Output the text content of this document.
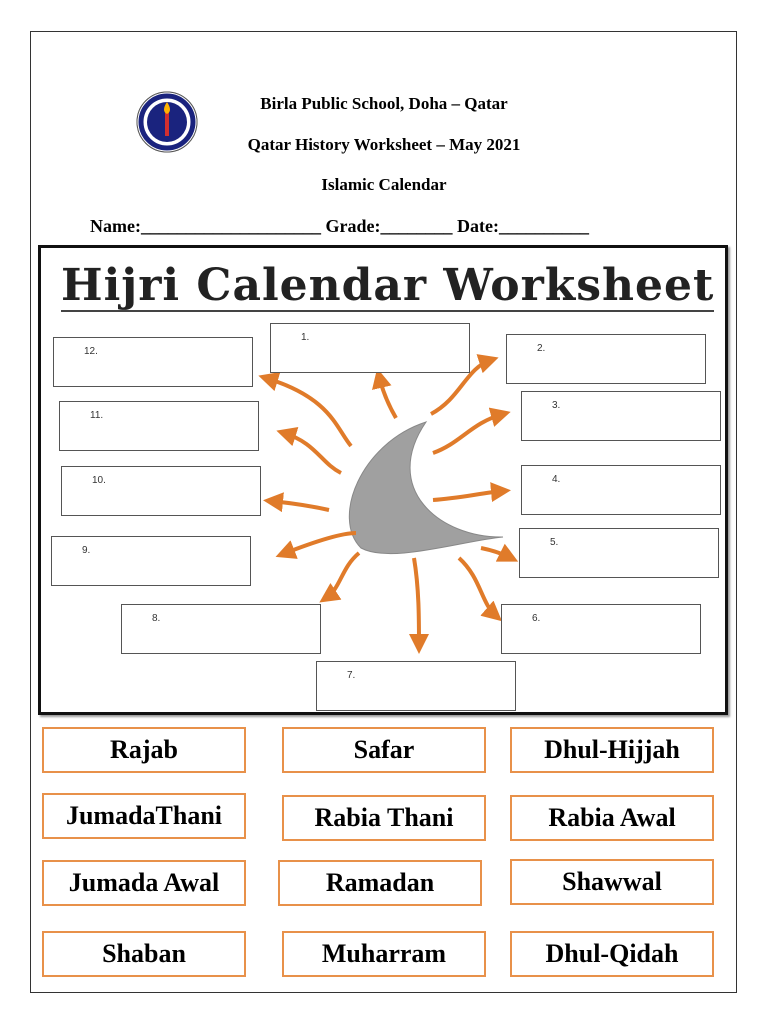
Birla Public School, Doha – Qatar
Qatar History Worksheet – May 2021
Islamic Calendar
Name:____________________ Grade:________ Date:__________
Hijri Calendar Worksheet
1.
2.
3.
4.
5.
6.
7.
8.
9.
10.
11.
12.
Rajab	Safar	Dhul-Hijjah
JumadaThani	Rabia Thani	Rabia Awal
Jumada Awal	Ramadan	Shawwal
Shaban	Muharram	Dhul-Qidah
